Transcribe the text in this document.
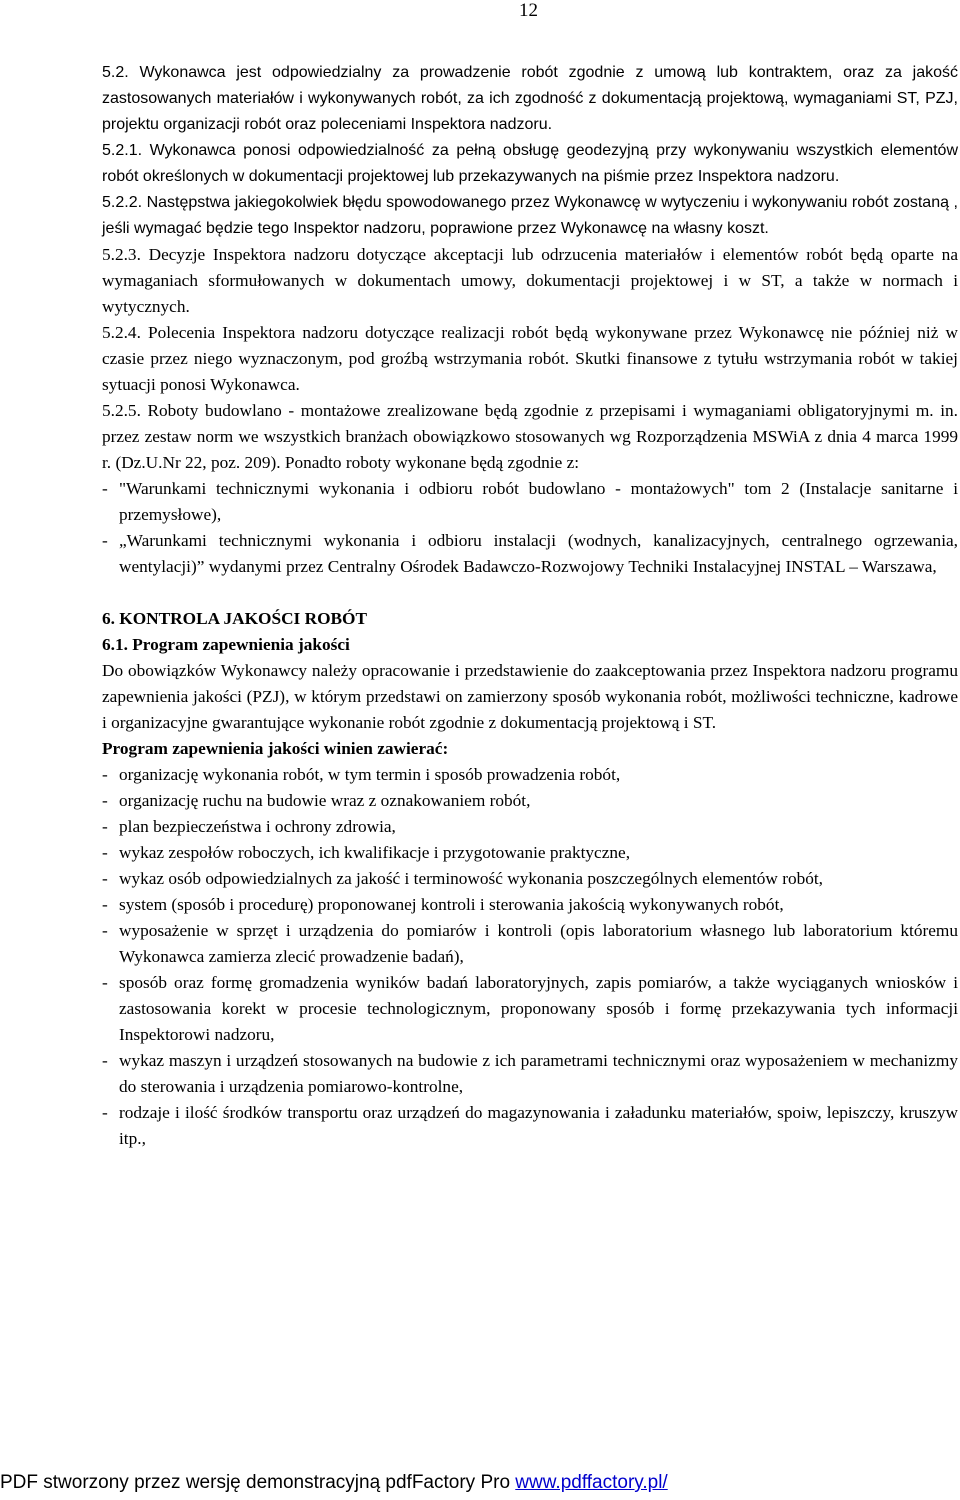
12

5.2. Wykonawca jest odpowiedzialny za prowadzenie robót zgodnie z umową lub kontraktem, oraz za jakość zastosowanych materiałów i wykonywanych robót, za ich zgodność z dokumentacją projektową, wymaganiami ST, PZJ, projektu organizacji robót oraz poleceniami Inspektora nadzoru.

5.2.1. Wykonawca ponosi odpowiedzialność za pełną obsługę geodezyjną przy wykonywaniu wszystkich elementów robót określonych w dokumentacji projektowej lub przekazywanych na piśmie przez Inspektora nadzoru.

5.2.2. Następstwa jakiegokolwiek błędu spowodowanego przez Wykonawcę w wytyczeniu i wykonywaniu robót zostaną , jeśli wymagać będzie tego Inspektor nadzoru, poprawione przez Wykonawcę na własny koszt.

5.2.3. Decyzje Inspektora nadzoru dotyczące akceptacji lub odrzucenia materiałów i elementów robót będą oparte na wymaganiach sformułowanych w dokumentach umowy, dokumentacji projektowej i w ST, a także w normach i wytycznych.

5.2.4. Polecenia Inspektora nadzoru dotyczące realizacji robót będą wykonywane przez Wykonawcę nie później niż w czasie przez niego wyznaczonym, pod groźbą wstrzymania robót. Skutki finansowe z tytułu wstrzymania robót w takiej sytuacji ponosi Wykonawca.

5.2.5. Roboty budowlano - montażowe zrealizowane będą zgodnie z przepisami i wymaganiami obligatoryjnymi m. in. przez zestaw norm we wszystkich branżach obowiązkowo stosowanych wg Rozporządzenia MSWiA z dnia 4 marca 1999 r. (Dz.U.Nr 22, poz. 209). Ponadto roboty wykonane będą zgodnie z:

- "Warunkami technicznymi wykonania i odbioru robót budowlano - montażowych" tom 2 (Instalacje sanitarne i przemysłowe),
- „Warunkami technicznymi wykonania i odbioru instalacji (wodnych, kanalizacyjnych, centralnego ogrzewania, wentylacji)” wydanymi przez Centralny Ośrodek Badawczo-Rozwojowy Techniki Instalacyjnej INSTAL – Warszawa,

6. KONTROLA JAKOŚCI ROBÓT

6.1. Program zapewnienia jakości

Do obowiązków Wykonawcy należy opracowanie i przedstawienie do zaakceptowania przez Inspektora nadzoru programu zapewnienia jakości (PZJ), w którym przedstawi on zamierzony sposób wykonania robót, możliwości techniczne, kadrowe i organizacyjne gwarantujące wykonanie robót zgodnie z dokumentacją projektową i ST.

Program zapewnienia jakości winien zawierać:

- organizację wykonania robót, w tym termin i sposób prowadzenia robót,
- organizację ruchu na budowie wraz z oznakowaniem robót,
- plan bezpieczeństwa i ochrony zdrowia,
- wykaz zespołów roboczych, ich kwalifikacje i przygotowanie praktyczne,
- wykaz osób odpowiedzialnych za jakość i terminowość wykonania poszczególnych elementów robót,
- system (sposób i procedurę) proponowanej kontroli i sterowania jakością wykonywanych robót,
- wyposażenie w sprzęt i urządzenia do pomiarów i kontroli (opis laboratorium własnego lub laboratorium któremu Wykonawca zamierza zlecić prowadzenie badań),
- sposób oraz formę gromadzenia wyników badań laboratoryjnych, zapis pomiarów, a także wyciąganych wniosków i zastosowania korekt w procesie technologicznym, proponowany sposób i formę przekazywania tych informacji Inspektorowi nadzoru,
- wykaz maszyn i urządzeń stosowanych na budowie z ich parametrami technicznymi oraz wyposażeniem w mechanizmy do sterowania i urządzenia pomiarowo-kontrolne,
- rodzaje i ilość środków transportu oraz urządzeń do magazynowania i załadunku materiałów, spoiw, lepiszczy, kruszyw itp.,
PDF stworzony przez wersję demonstracyjną pdfFactory Pro www.pdffactory.pl/
